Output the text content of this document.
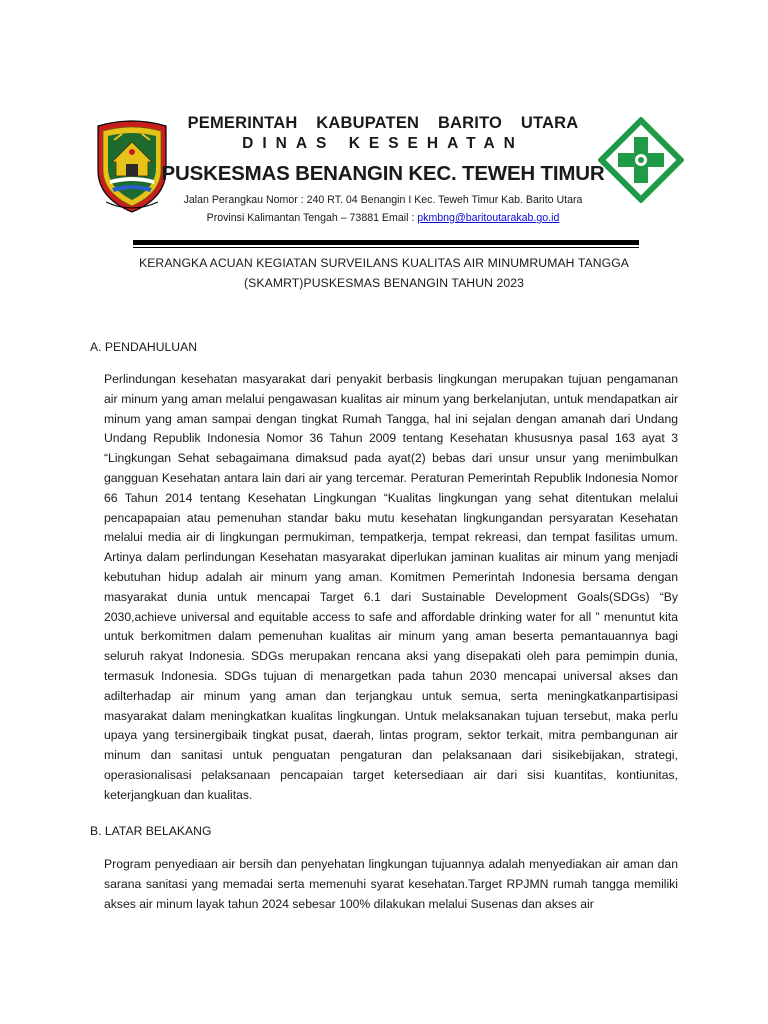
PEMERINTAH KABUPATEN BARITO UTARA

DINAS KESEHATAN

PUSKESMAS BENANGIN KEC. TEWEH TIMUR

Jalan Perangkau Nomor : 240 RT. 04 Benangin I Kec. Teweh Timur Kab. Barito Utara
Provinsi Kalimantan Tengah – 73881 Email : pkmbng@baritoutarakab.go.id

KERANGKA ACUAN KEGIATAN SURVEILANS KUALITAS AIR MINUMRUMAH TANGGA
(SKAMRT)PUSKESMAS BENANGIN TAHUN 2023
A. PENDAHULUAN

Perlindungan kesehatan masyarakat dari penyakit berbasis lingkungan merupakan tujuan pengamanan air minum yang aman melalui pengawasan kualitas air minum yang berkelanjutan, untuk mendapatkan air minum yang aman sampai dengan tingkat Rumah Tangga, hal ini sejalan dengan amanah dari Undang Undang Republik Indonesia Nomor 36 Tahun 2009 tentang Kesehatan khususnya pasal 163 ayat 3 “Lingkungan Sehat sebagaimana dimaksud pada ayat(2) bebas dari unsur unsur yang menimbulkan gangguan Kesehatan antara lain dari air yang tercemar. Peraturan Pemerintah Republik Indonesia Nomor 66 Tahun 2014 tentang Kesehatan Lingkungan “Kualitas lingkungan yang sehat ditentukan melalui pencapapaian atau pemenuhan standar baku mutu kesehatan lingkungandan persyaratan Kesehatan melalui media air di lingkungan permukiman, tempatkerja, tempat rekreasi, dan tempat fasilitas umum. Artinya dalam perlindungan Kesehatan masyarakat diperlukan jaminan kualitas air minum yang menjadi kebutuhan hidup adalah air minum yang aman. Komitmen Pemerintah Indonesia bersama dengan masyarakat dunia untuk mencapai Target 6.1 dari Sustainable Development Goals(SDGs) “By 2030,achieve universal and equitable access to safe and affordable drinking water for all ” menuntut kita untuk berkomitmen dalam pemenuhan kualitas air minum yang aman beserta pemantauannya bagi seluruh rakyat Indonesia. SDGs merupakan rencana aksi yang disepakati oleh para pemimpin dunia, termasuk Indonesia. SDGs tujuan di menargetkan pada tahun 2030 mencapai universal akses dan adilterhadap air minum yang aman dan terjangkau untuk semua, serta meningkatkanpartisipasi masyarakat dalam meningkatkan kualitas lingkungan. Untuk melaksanakan tujuan tersebut, maka perlu upaya yang tersinergibaik tingkat pusat, daerah, lintas program, sektor terkait, mitra pembangunan air minum dan sanitasi untuk penguatan pengaturan dan pelaksanaan dari sisikebijakan, strategi, operasionalisasi pelaksanaan pencapaian target ketersediaan air dari sisi kuantitas, kontiunitas, keterjangkuan dan kualitas.

B. LATAR BELAKANG

Program penyediaan air bersih dan penyehatan lingkungan tujuannya adalah menyediakan air aman dan sarana sanitasi yang memadai serta memenuhi syarat kesehatan.Target RPJMN rumah tangga memiliki akses air minum layak tahun 2024 sebesar 100% dilakukan melalui Susenas dan akses air
